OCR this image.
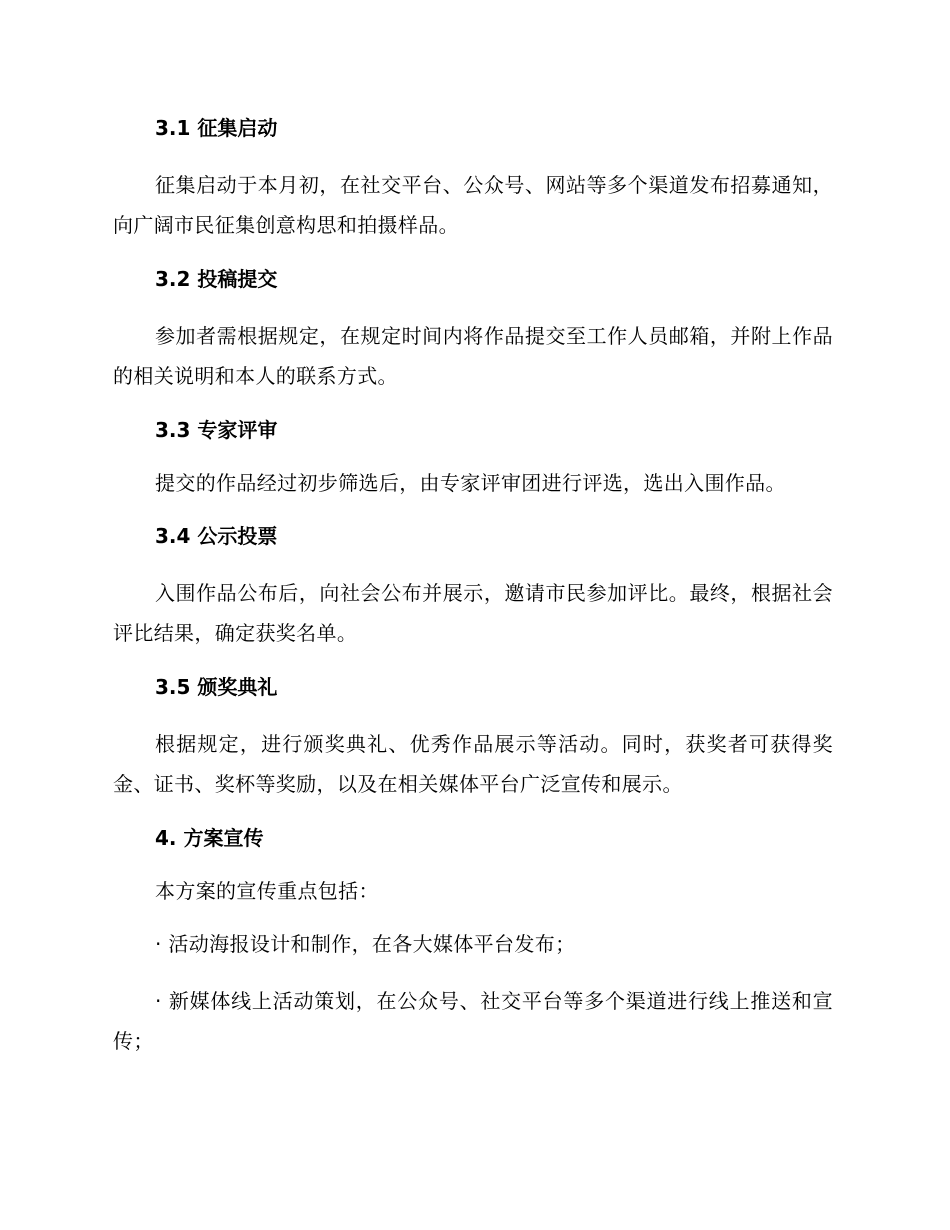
3.1 征集启动
征集启动于本月初，在社交平台、公众号、网站等多个渠道发布招募通知，向广阔市民征集创意构思和拍摄样品。
3.2 投稿提交
参加者需根据规定，在规定时间内将作品提交至工作人员邮箱，并附上作品的相关说明和本人的联系方式。
3.3 专家评审
提交的作品经过初步筛选后，由专家评审团进行评选，选出入围作品。
3.4 公示投票
入围作品公布后，向社会公布并展示，邀请市民参加评比。最终，根据社会评比结果，确定获奖名单。
3.5 颁奖典礼
根据规定，进行颁奖典礼、优秀作品展示等活动。同时，获奖者可获得奖金、证书、奖杯等奖励，以及在相关媒体平台广泛宣传和展示。
4. 方案宣传
本方案的宣传重点包括：
· 活动海报设计和制作，在各大媒体平台发布；
· 新媒体线上活动策划，在公众号、社交平台等多个渠道进行线上推送和宣传；
